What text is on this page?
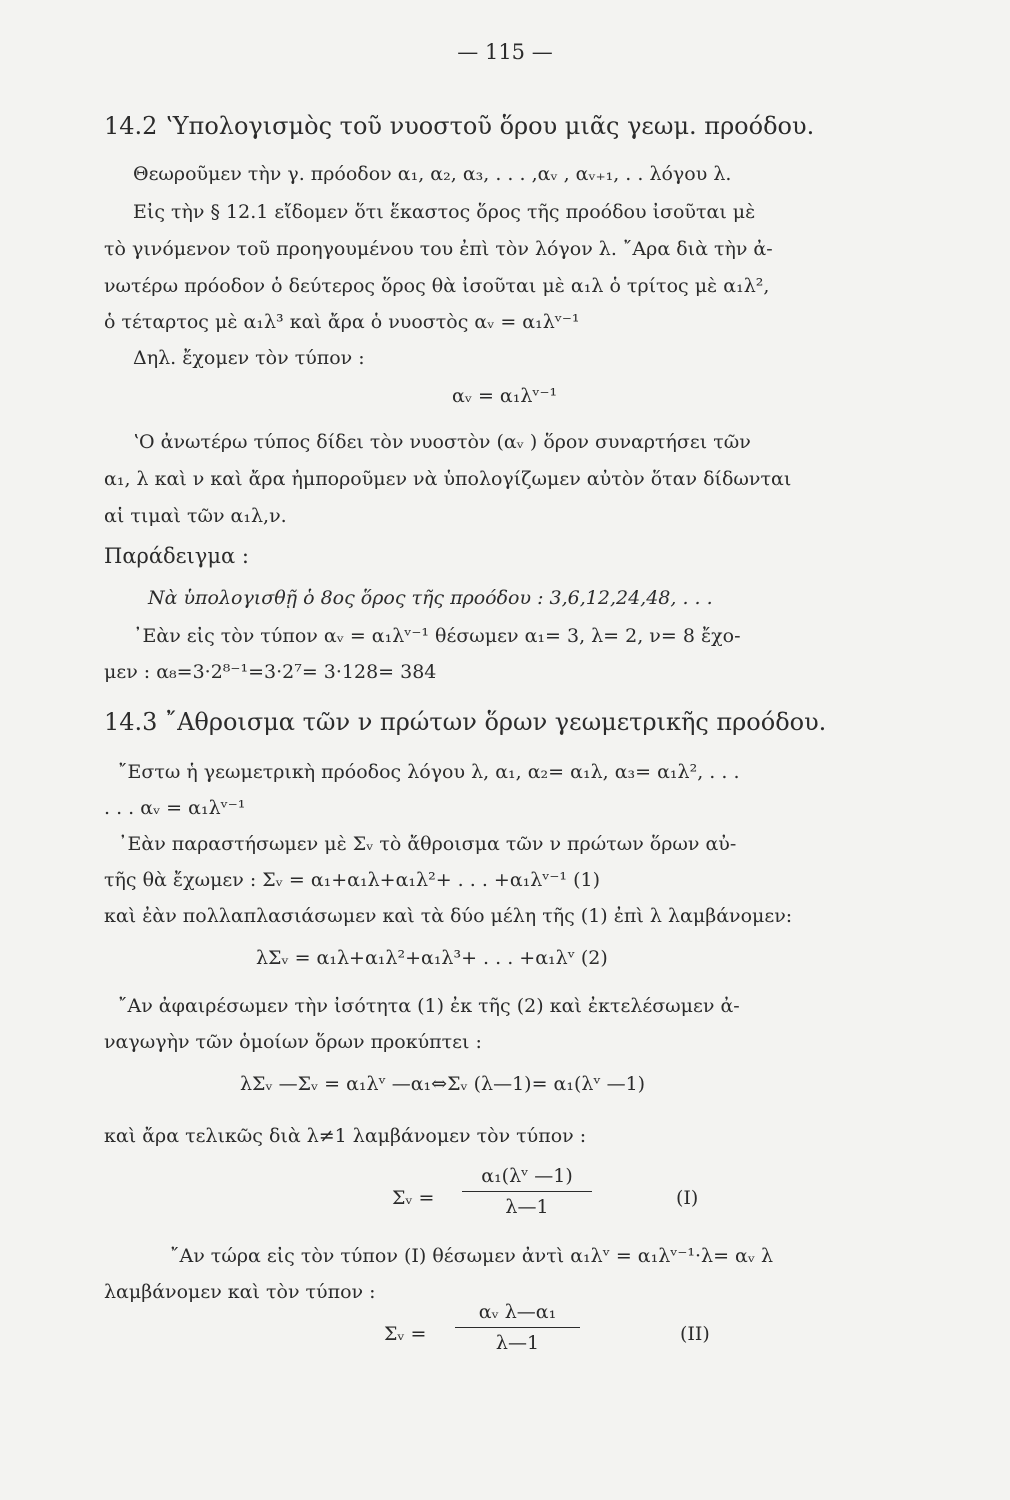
— 115 —
14.2 ʽΥπολογισμὸς τοῦ νυοστοῦ ὅρου μιᾶς γεωμ. προόδου.
Θεωροῦμεν τὴν γ. πρόοδον α₁, α₂, α₃, . . . ,αᵥ , αᵥ₊₁, . . λόγου λ.
Εἰς τὴν § 12.1 εἴδομεν ὅτι ἕκαστος ὅρος τῆς προόδου ἰσοῦται μὲ
τὸ γινόμενον τοῦ προηγουμένου του ἐπὶ τὸν λόγον λ. ῎Αρα διὰ τὴν ἀ-
νωτέρω πρόοδον ὁ δεύτερος ὅρος θὰ ἰσοῦται μὲ α₁λ ὁ τρίτος μὲ α₁λ²,
ὁ τέταρτος μὲ α₁λ³ καὶ ἄρα ὁ νυοστὸς αᵥ = α₁λᵛ⁻¹
Δηλ. ἔχομεν τὸν τύπον :
αᵥ = α₁λᵛ⁻¹
ʽΟ ἀνωτέρω τύπος δίδει τὸν νυοστὸν (αᵥ ) ὅρον συναρτήσει τῶν
α₁, λ καὶ ν καὶ ἄρα ἠμποροῦμεν νὰ ὑπολογίζωμεν αὐτὸν ὅταν δίδωνται
αἱ τιμαὶ τῶν α₁λ,ν.
Παράδειγμα :
Νὰ ὑπολογισθῇ ὁ 8ος ὅρος τῆς προόδου : 3,6,12,24,48, . . .
᾿Εὰν εἰς τὸν τύπον αᵥ = α₁λᵛ⁻¹ θέσωμεν α₁= 3, λ= 2, ν= 8 ἔχο-
μεν : α₈=3·2⁸⁻¹=3·2⁷= 3·128= 384
14.3 ῎Αθροισμα τῶν ν πρώτων ὅρων γεωμετρικῆς προόδου.
῎Εστω ἡ γεωμετρικὴ πρόοδος λόγου λ, α₁, α₂= α₁λ, α₃= α₁λ², . . .
. . . αᵥ = α₁λᵛ⁻¹
᾿Εὰν παραστήσωμεν μὲ Σᵥ τὸ ἄθροισμα τῶν ν πρώτων ὅρων αὐ-
τῆς θὰ ἔχωμεν : Σᵥ = α₁+α₁λ+α₁λ²+ . . . +α₁λᵛ⁻¹ (1)
καὶ ἐὰν πολλαπλασιάσωμεν καὶ τὰ δύο μέλη τῆς (1) ἐπὶ λ λαμβάνομεν:
λΣᵥ = α₁λ+α₁λ²+α₁λ³+ . . . +α₁λᵛ (2)
῎Αν ἀφαιρέσωμεν τὴν ἰσότητα (1) ἐκ τῆς (2) καὶ ἐκτελέσωμεν ἀ-
ναγωγὴν τῶν ὁμοίων ὅρων προκύπτει :
λΣᵥ —Σᵥ = α₁λᵛ —α₁⇔Σᵥ (λ—1)= α₁(λᵛ —1)
καὶ ἄρα τελικῶς διὰ λ≠1 λαμβάνομεν τὸν τύπον :
Σᵥ = $\frac{\text{α₁(λᵛ —1)}}{\lambda—1}$	(I)
῎Αν τώρα εἰς τὸν τύπον (I) θέσωμεν ἀντὶ α₁λᵛ = α₁λᵛ⁻¹·λ= αᵥ λ
λαμβάνομεν καὶ τὸν τύπον :
Σᵥ = $\frac{\text{αᵥ λ—α₁}}{\lambda—1}$	(II)
